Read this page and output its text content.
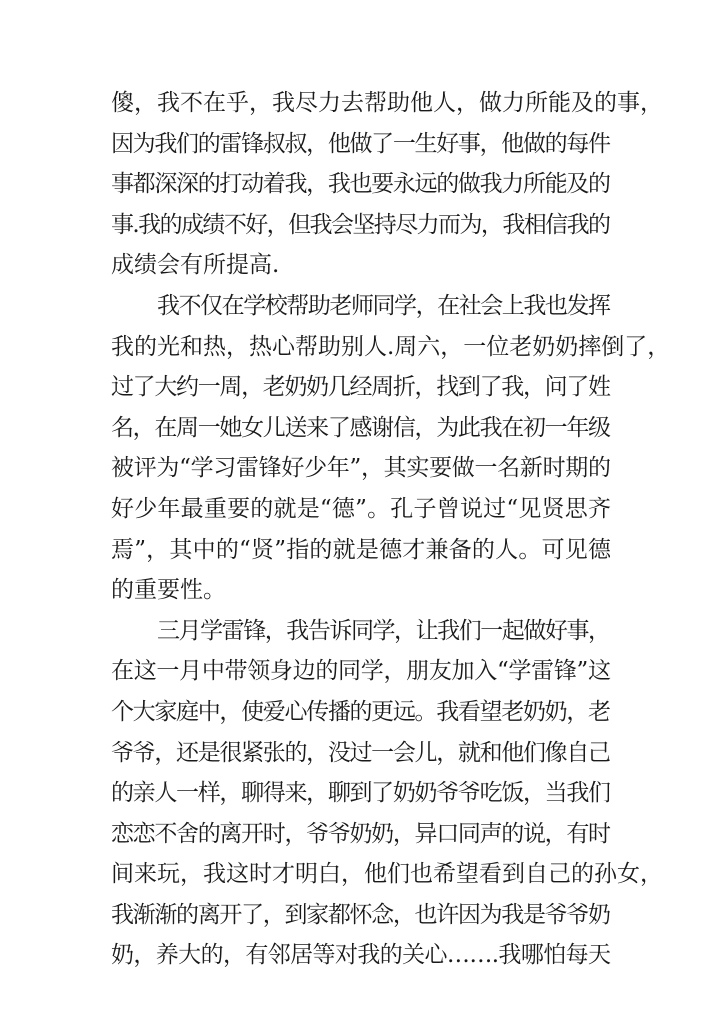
傻，我不在乎，我尽力去帮助他人，做力所能及的事，
因为我们的雷锋叔叔，他做了一生好事，他做的每件
事都深深的打动着我，我也要永远的做我力所能及的
事.我的成绩不好，但我会坚持尽力而为，我相信我的
成绩会有所提高.
我不仅在学校帮助老师同学，在社会上我也发挥
我的光和热，热心帮助别人.周六，一位老奶奶摔倒了，
过了大约一周，老奶奶几经周折，找到了我，问了姓
名，在周一她女儿送来了感谢信，为此我在初一年级
被评为“学习雷锋好少年”，其实要做一名新时期的
好少年最重要的就是“德”。孔子曾说过“见贤思齐
焉”，其中的“贤”指的就是德才兼备的人。可见德
的重要性。
三月学雷锋，我告诉同学，让我们一起做好事，
在这一月中带领身边的同学，朋友加入“学雷锋”这
个大家庭中，使爱心传播的更远。我看望老奶奶，老
爷爷，还是很紧张的，没过一会儿，就和他们像自己
的亲人一样，聊得来，聊到了奶奶爷爷吃饭，当我们
恋恋不舍的离开时，爷爷奶奶，异口同声的说，有时
间来玩，我这时才明白，他们也希望看到自己的孙女，
我渐渐的离开了，到家都怀念，也许因为我是爷爷奶
奶，养大的，有邻居等对我的关心…….我哪怕每天
